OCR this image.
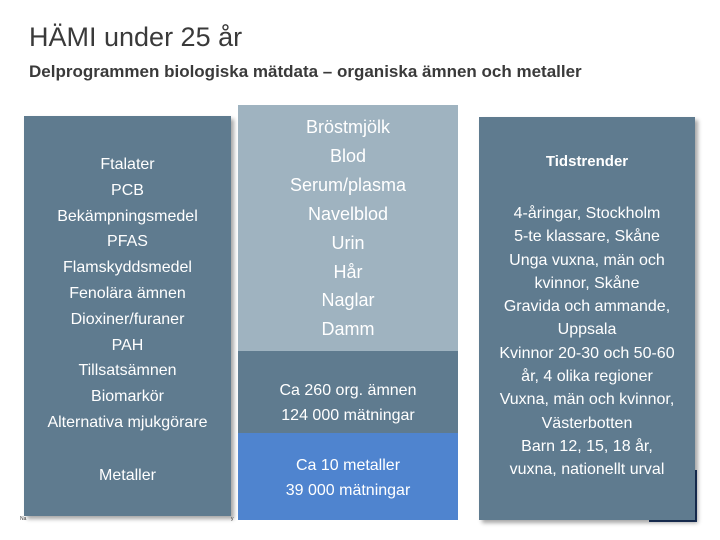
HÄMI under 25 år
Delprogrammen biologiska mätdata – organiska ämnen och metaller
Ftalater
PCB
Bekämpningsmedel
PFAS
Flamskyddsmedel
Fenolära ämnen
Dioxiner/furaner
PAH
Tillsatsämnen
Biomarkör
Alternativa mjukgörare
Metaller
Bröstmjölk
Blod
Serum/plasma
Navelblod
Urin
Hår
Naglar
Damm
Ca 260 org. ämnen
124 000 mätningar
Ca 10 metaller
39 000 mätningar
Tidstrender
4-åringar, Stockholm
5-te klassare, Skåne
Unga vuxna, män och
kvinnor, Skåne
Gravida och ammande,
Uppsala
Kvinnor 20-30 och 50-60
år, 4 olika regioner
Vuxna, män och kvinnor,
Västerbotten
Barn 12, 15, 18 år,
vuxna, nationellt urval
Na	y
